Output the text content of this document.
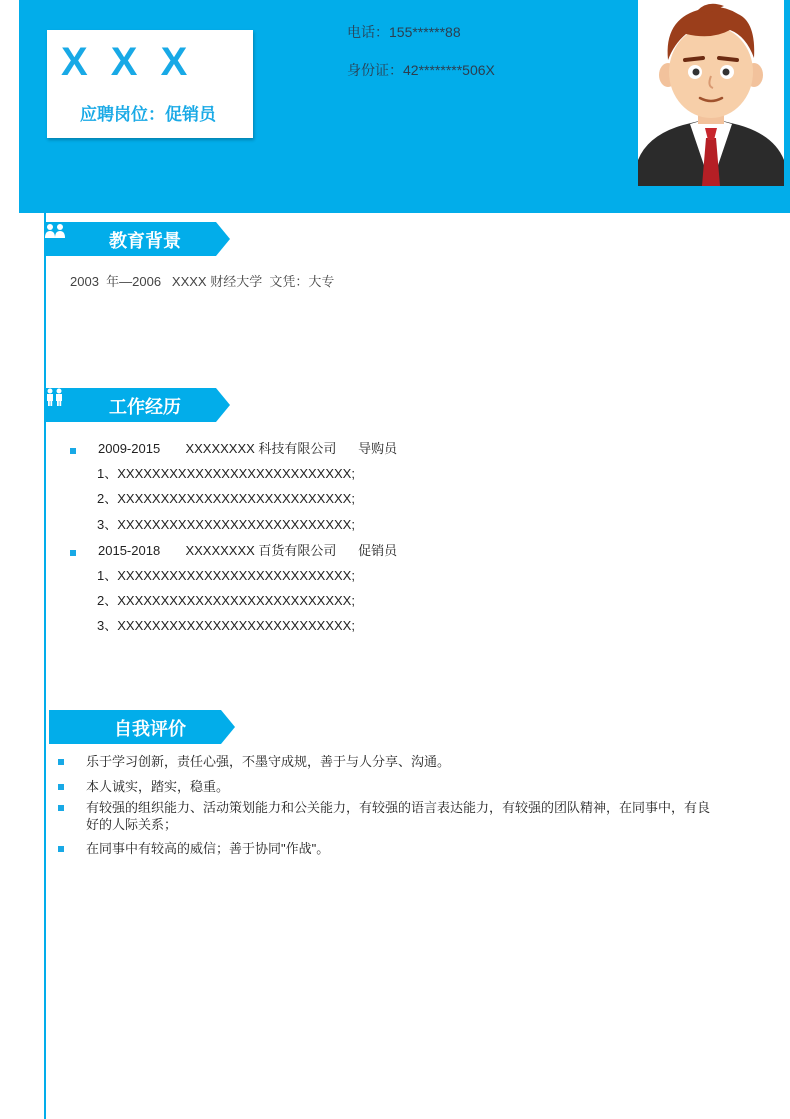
X X X
应聘岗位：促销员
电话：155******88
身份证：42********506X
教育背景
2003  年—2006   XXXX 财经大学  文凭：大专
工作经历

2009-2015       XXXXXXXX 科技有限公司      导购员

1、XXXXXXXXXXXXXXXXXXXXXXXXXXX;
2、XXXXXXXXXXXXXXXXXXXXXXXXXXX;
3、XXXXXXXXXXXXXXXXXXXXXXXXXXX;

2015-2018       XXXXXXXX 百货有限公司      促销员

1、XXXXXXXXXXXXXXXXXXXXXXXXXXX;
2、XXXXXXXXXXXXXXXXXXXXXXXXXXX;
3、XXXXXXXXXXXXXXXXXXXXXXXXXXX;
自我评价
乐于学习创新，责任心强，不墨守成规，善于与人分享、沟通。
本人诚实，踏实，稳重。
有较强的组织能力、活动策划能力和公关能力，有较强的语言表达能力，有较强的团队精神，在同事中，有良好的人际关系；
在同事中有较高的威信；善于协同"作战"。
